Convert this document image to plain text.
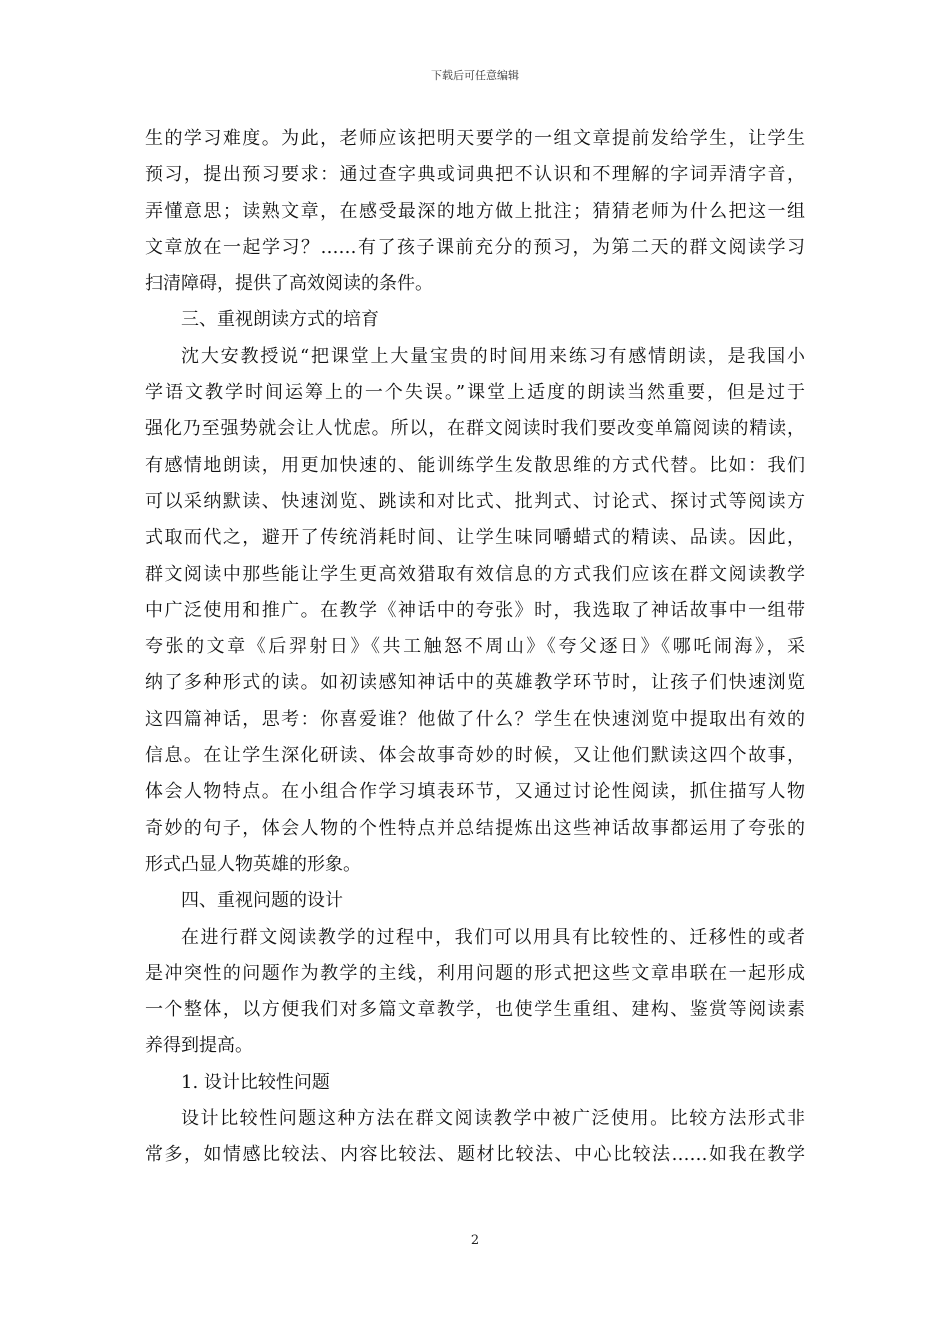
下载后可任意编辑
生的学习难度。为此，老师应该把明天要学的一组文章提前发给学生，让学生
预习，提出预习要求：通过查字典或词典把不认识和不理解的字词弄清字音，
弄懂意思；读熟文章，在感受最深的地方做上批注；猜猜老师为什么把这一组
文章放在一起学习？……有了孩子课前充分的预习，为第二天的群文阅读学习
扫清障碍，提供了高效阅读的条件。
三、重视朗读方式的培育
沈大安教授说“把课堂上大量宝贵的时间用来练习有感情朗读，是我国小
学语文教学时间运筹上的一个失误。”课堂上适度的朗读当然重要，但是过于
强化乃至强势就会让人忧虑。所以，在群文阅读时我们要改变单篇阅读的精读，
有感情地朗读，用更加快速的、能训练学生发散思维的方式代替。比如：我们
可以采纳默读、快速浏览、跳读和对比式、批判式、讨论式、探讨式等阅读方
式取而代之，避开了传统消耗时间、让学生味同嚼蜡式的精读、品读。因此，
群文阅读中那些能让学生更高效猎取有效信息的方式我们应该在群文阅读教学
中广泛使用和推广。在教学《神话中的夸张》时，我选取了神话故事中一组带
夸张的文章《后羿射日》《共工触怒不周山》《夸父逐日》《哪吒闹海》，采
纳了多种形式的读。如初读感知神话中的英雄教学环节时，让孩子们快速浏览
这四篇神话，思考：你喜爱谁？他做了什么？学生在快速浏览中提取出有效的
信息。在让学生深化研读、体会故事奇妙的时候，又让他们默读这四个故事，
体会人物特点。在小组合作学习填表环节，又通过讨论性阅读，抓住描写人物
奇妙的句子，体会人物的个性特点并总结提炼出这些神话故事都运用了夸张的
形式凸显人物英雄的形象。
四、重视问题的设计
在进行群文阅读教学的过程中，我们可以用具有比较性的、迁移性的或者
是冲突性的问题作为教学的主线，利用问题的形式把这些文章串联在一起形成
一个整体，以方便我们对多篇文章教学，也使学生重组、建构、鉴赏等阅读素
养得到提高。
1. 设计比较性问题
设计比较性问题这种方法在群文阅读教学中被广泛使用。比较方法形式非
常多，如情感比较法、内容比较法、题材比较法、中心比较法……如我在教学
2
